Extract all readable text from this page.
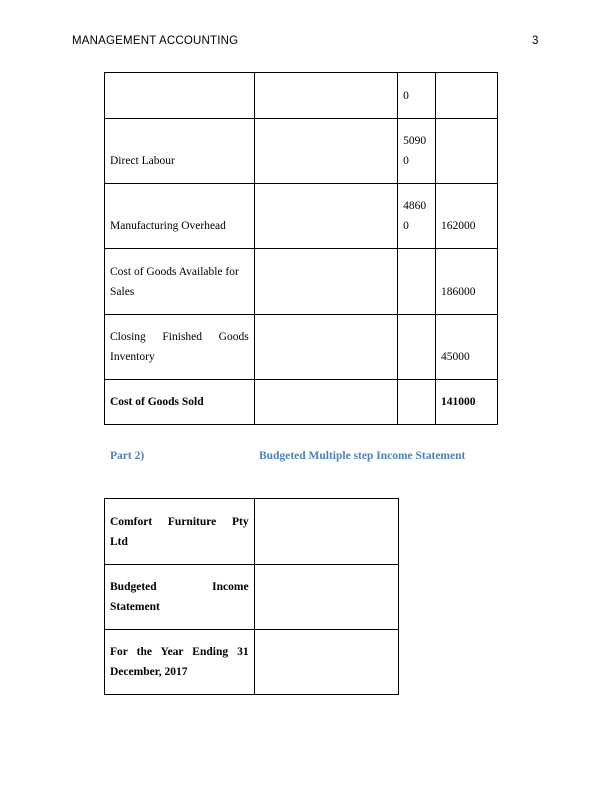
MANAGEMENT ACCOUNTING	3
		0	
Direct Labour		5090
0	

Manufacturing Overhead		4860
0	162000

Cost of Goods Available for
Sales			186000

Closing Finished Goods
Inventory			45000
Cost of Goods Sold			141000
Part 2)	Budgeted Multiple step Income Statement
Comfort Furniture Pty
Ltd	

Budgeted Income
Statement	

For the Year Ending 31
December, 2017	
